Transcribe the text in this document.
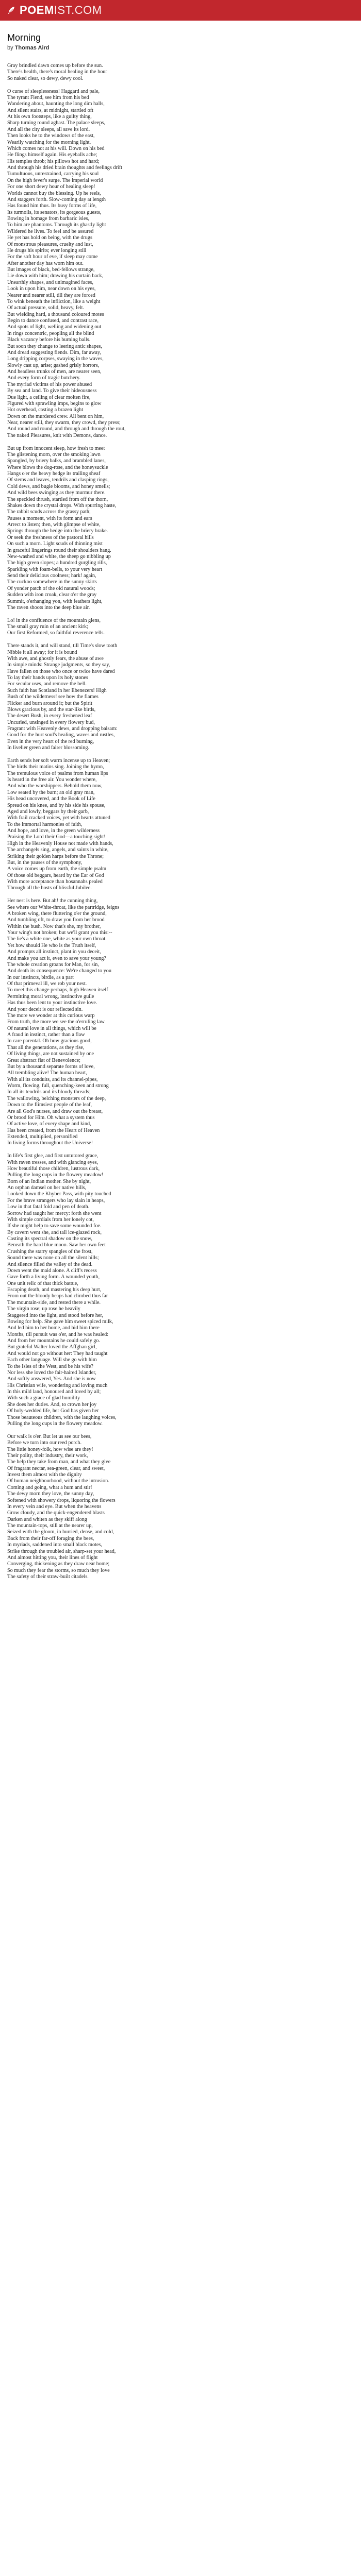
POEM IST.COM
Morning
by Thomas Aird
Gray brindled dawn comes up before the sun.
There's health, there's moral healing in the hour
So naked clear, so dewy, dewy cool.
O curse of sleeplessness! Haggard and pale,
The tyrant Fiend, see him from his bed
Wandering about, haunting the long dim halls,
And silent stairs, at midnight, startled oft
At his own footsteps, like a guilty thing,
Sharp turning round aghast. The palace sleeps,
And all the city sleeps, all save its lord.
Then looks he to the windows of the east,
Wearily watching for the morning light,
Which comes not at his will. Down on his bed
He flings himself again. His eyeballs ache;
His temples throb; his pillows hot and hard;
And through his dried brain thoughts and feelings drift
Tumultuous, unrestrained, carrying his soul
On the high fever's surge. The imperial world
For one short dewy hour of healing sleep!
Worlds cannot buy the blessing. Up he reels,
And staggers forth. Slow-coming day at length
Has found him thus. Its busy forms of life,
Its turmoils, its senators, its gorgeous guests,
Bowing in homage from barbaric isles,
To him are phantoms. Through its ghastly light
Wildered he lives. To feel and be assured
He yet has hold on being, with the drugs
Of monstrous pleasures, cruelty and lust,
He drugs his spirits; ever longing still
For the soft hour of eve, if sleep may come
After another day has worn him out.
But images of black, bed-fellows strange,
Lie down with him; drawing his curtain back,
Unearthly shapes, and unimagined faces,
Look in upon him, near down on his eyes,
Nearer and nearer still, till they are forced
To wink beneath the infliction, like a weight
Of actual pressure, solid, heavy, felt.
But wielding hard, a thousand coloured motes
Begin to dance confused, and contrast race,
And spots of light, welling and widening out
In rings concentric, peopling all the blind
Black vacancy before his burning balls.
But soon they change to leering antic shapes,
And dread suggesting fiends. Dim, far away,
Long dripping corpses, swaying in the waves,
Slowly cast up, arise; gashed grisly horrors,
And headless trunks of men, are nearer seen,
And every form of tragic butchery.
The myriad victims of his power abused
By sea and land. To give their hideousness
Due light, a ceiling of clear molten fire,
Figured with sprawling imps, begins to glow
Hot overhead, casting a brazen light
Down on the murdered crew. All bent on him,
Near, nearer still, they swarm, they crowd, they press;
And round and round, and through and through the rout,
The naked Pleasures, knit with Demons, dance.
But up from innocent sleep, how fresh to meet
The glistening morn, over the smoking lawn
Spangled, by briery balks, and brambled lanes,
Where blows the dog-rose, and the honeysuckle
Hangs o'er the heavy hedge its trailing sheaf
Of stems and leaves, tendrils and clasping rings,
Cold dews, and bugle blooms, and honey smells;
And wild bees swinging as they murmur there.
The speckled thrush, startled from off the thorn,
Shakes down the crystal drops. With spurring haste,
The rabbit scuds across the grassy path;
Pauses a moment, with its form and ears
Arrect to listen; then, with glimpse of white,
Springs through the hedge into the briery brake.
Or seek the freshness of the pastoral hills
On such a morn. Light scuds of thinning mist
In graceful lingerings round their shoulders hang.
New-washed and white, the sheep go nibbling up
The high green slopes; a hundred gurgling rills,
Sparkling with foam-bells, to your very heart
Send their delicious coolness; hark! again,
The cuckoo somewhere in the sunny skirts
Of yonder patch of the old natural woods;
Sudden with iron croak, clear o'er the gray
Summit, o'erhanging yon, with feathers light,
The raven shoots into the deep blue air.
Lo! in the confluence of the mountain glens,
The small gray ruin of an ancient kirk;
Our first Reformed, so faithful reverence tells.
There stands it, and will stand, till Time's slow tooth
Nibble it all away; for it is bound
With awe, and ghostly fears, the abuse of awe
In simple minds: Strange judgments, so they say,
Have fallen on those who once or twice have dared
To lay their hands upon its holy stones
For secular uses, and remove the bell.
Such faith has Scotland in her Ebenezers! High
Bush of the wilderness! see how the flames
Flicker and burn around it; but the Spirit
Blows gracious by, and the star-like birds,
The desert Bush, in every freshened leaf
Uncurled, unsinged in every flowery bud,
Fragrant with Heavenly dews, and dropping balsam:
Good for the hurt soul's healing, waves and rustles,
Even in the very heart of the red burning,
In livelier green and fairer blossoming.
Earth sends her soft warm incense up to Heaven;
The birds their matins sing. Joining the hymn,
The tremulous voice of psalms from human lips
Is heard in the free air. You wonder where,
And who the worshippers. Behold them now,
Low seated by the burn; an old gray man,
His head uncovered, and the Book of Life
Spread on his knee, and by his side his spouse,
Aged and lowly, beggars by their garb,
With frail cracked voices, yet with hearts attuned
To the immortal harmonies of faith,
And hope, and love, in the green wilderness
Praising the Lord their God—a touching sight!
High in the Heavenly House not made with hands,
The archangels sing, angels, and saints in white,
Striking their golden harps before the Throne;
But, in the pauses of the symphony,
A voice comes up from earth, the simple psalm
Of those old beggars, heard by the Ear of God
With more acceptance than hosannahs pealed
Through all the hosts of blissful Jubilee.
Her nest is here. But ah! the cunning thing,
See where our White-throat, like the partridge, feigns
A broken wing, there fluttering o'er the ground,
And tumbling oft, to draw you from her brood
Within the bush. Now that's she, my brother,
Your wing's not broken; but we'll grant you this:--
The lie's a white one, white as your own throat.
Yet how should He who is the Truth itself,
And prompts all instinct, plant in you deceit,
And make you act it, even to save your young?
The whole creation groans for Man, for sin,
And death its consequence: We're changed to you
In our instincts, birdie, as a part
Of that primeval ill, we rob your nest.
To meet this change perhaps, high Heaven itself
Permitting moral wrong, instinctive guile
Has thus been lent to your instinctive love.
And your deceit is our reflected sin.
The more we wonder at this curious warp
From truth, the more we see the o'erruling law
Of natural love in all things, which will be
A fraud in instinct, rather than a flaw
In care parental. Oh how gracious good,
That all the generations, as they rise,
Of living things, are not sustained by one
Great abstract fiat of Benevolence;
But by a thousand separate forms of love,
All trembling alive! The human heart,
With all its conduits, and its channel-pipes,
Worm, flowing, full, quenching-keen and strong
In all its tendrils and its bloody threads;
The wallowing, belching monsters of the deep,
Down to the flimsiest people of the leaf,
Are all God's nurses, and draw out the breast,
Or brood for Him. Oh what a system thus
Of active love, of every shape and kind,
Has been created, from the Heart of Heaven
Extended, multiplied, personified
In living forms throughout the Universe!
In life's first glee, and first untutored grace,
With raven tresses, and with glancing eyes,
How beautiful those children, lustrous dark,
Pulling the long cups in the flowery meadow!
Born of an Indian mother. She by night,
An orphan damsel on her native hills,
Looked down the Khyber Pass, with pity touched
For the brave strangers who lay slain in heaps,
Low in that fatal fold and pen of death.
Sorrow had taught her mercy: forth she went
With simple cordials from her lonely cot,
If she might help to save some wounded foe.
By cavern went she, and tall ice-glazed rock,
Casting its spectral shadow on the snow,
Beneath the hard blue moon. Saw her own feet
Crushing the starry spangles of the frost,
Sound there was none on all the silent hills;
And silence filled the valley of the dead.
Down went the maid alone. A cliff's recess
Gave forth a living form. A wounded youth,
One unit relic of that thick battue,
Escaping death, and mastering his deep hurt,
From out the bloody heaps had climbed thus far
The mountain-side, and rested there a while.
The virgin rose; up rose he heavily
Staggered into the light, and stood before her,
Bowing for help. She gave him sweet spiced milk,
And led him to her home, and hid him there
Months, till pursuit was o'er, and he was healed:
And from her mountains he could safely go.
But grateful Walter loved the Affghan girl,
And would not go without her: They had taught
Each other language. Will she go with him
To the Isles of the West, and be his wife?
Nor less she loved the fair-haired Islander,
And softly answered, Yes. And she is now
His Christian wife, wondering and loving much
In this mild land, honoured and loved by all;
With such a grace of glad humility
She does her duties. And, to crown her joy
Of holy-wedded life, her God has given her
Those beauteous children, with the laughing voices,
Pulling the long cups in the flowery meadow.
Our walk is o'er. But let us see our bees,
Before we turn into our reed porch.
The little honey-folk, how wise are they!
Their polity, their industry, their work,
The help they take from man, and what they give
Of fragrant nectar, sea-green, clear, and sweet,
Invest them almost with the dignity
Of human neighbourhood, without the intrusion.
Coming and going, what a hum and stir!
The dewy morn they love, the sunny day,
Softened with showery drops, liquoring the flowers
In every vein and eye. But when the heavens
Grow cloudy, and the quick-engendered blasts
Darken and whiten as they skiff along
The mountain-tops, still at the nearer up,
Seized with the gloom, in hurried, dense, and cold,
Back from their far-off foraging the bees,
In myriads, saddened into small black motes,
Strike through the troubled air, sharp-set your head,
And almost hitting you, their lines of flight
Converging, thickening as they draw near home;
So much they fear the storms, so much they love
The safety of their straw-built citadels.
